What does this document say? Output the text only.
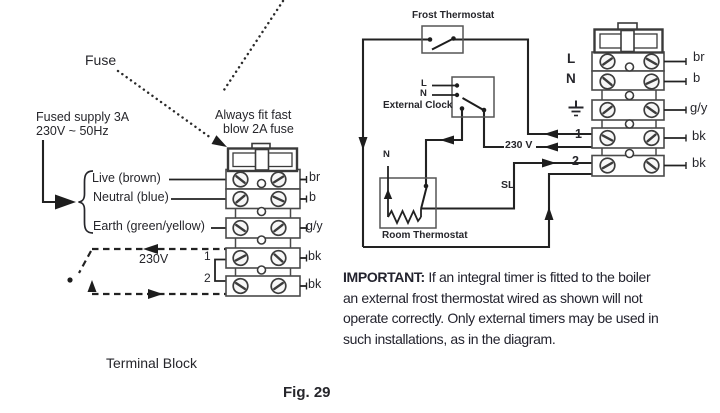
Fuse
Fused supply 3A
230V ~ 50Hz
Always fit fast
blow 2A fuse
Live (brown)
Neutral (blue)
Earth (green/yellow)
230V	1
2
br
b
g/y
bk
bk
Terminal Block
Fig. 29
Frost Thermostat
L
N
External Clock
N
Room Thermostat
230 V
SL
L
N
1
2
br
b
g/y
bk
bk
IMPORTANT: If an integral timer is fitted to the boiler
an external frost thermostat wired as shown will not
operate correctly. Only external timers may be used in
such installations, as in the diagram.
